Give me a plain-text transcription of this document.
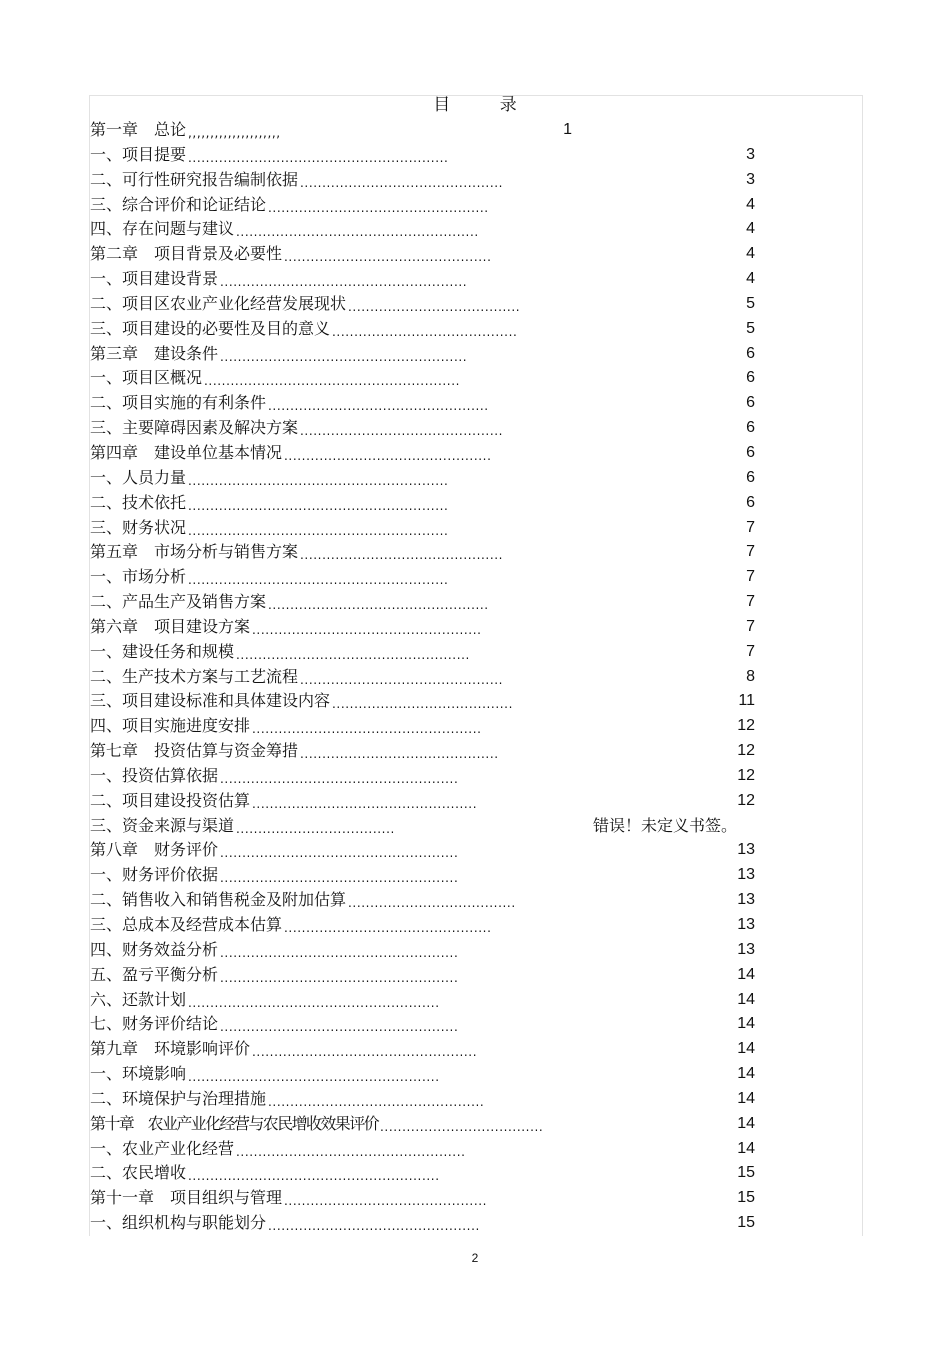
目 录
第一章　总论 ,,,,,,,,,,,,,,,,,,,,,	1
一、项目提要 ...........................................................	3
二、可行性研究报告编制依据 ..............................................	3
三、综合评价和论证结论 ..................................................	4
四、存在问题与建议 .......................................................	4
第二章　项目背景及必要性 ...............................................	4
一、项目建设背景 ........................................................	4
二、项目区农业产业化经营发展现状 .......................................	5
三、项目建设的必要性及目的意义 ..........................................	5
第三章　建设条件 ........................................................	6
一、项目区概况 ..........................................................	6
二、项目实施的有利条件 ..................................................	6
三、主要障碍因素及解决方案 ..............................................	6
第四章　建设单位基本情况 ...............................................	6
一、人员力量 ...........................................................	6
二、技术依托 ...........................................................	6
三、财务状况 ...........................................................	7
第五章　市场分析与销售方案 ..............................................	7
一、市场分析 ...........................................................	7
二、产品生产及销售方案 ..................................................	7
第六章　项目建设方案 ....................................................	7
一、建设任务和规模 .....................................................	7
二、生产技术方案与工艺流程 ..............................................	8
三、项目建设标准和具体建设内容 .........................................	11
四、项目实施进度安排 ....................................................	12
第七章　投资估算与资金筹措 .............................................	12
一、投资估算依据 ......................................................	12
二、项目建设投资估算 ...................................................	12
三、资金来源与渠道 ....................................	错误！未定义书签。
第八章　财务评价 ......................................................	13
一、财务评价依据 ......................................................	13
二、销售收入和销售税金及附加估算 ......................................	13
三、总成本及经营成本估算 ...............................................	13
四、财务效益分析 ......................................................	13
五、盈亏平衡分析 ......................................................	14
六、还款计划 .........................................................	14
七、财务评价结论 ......................................................	14
第九章　环境影响评价 ...................................................	14
一、环境影响 .........................................................	14
二、环境保护与治理措施 .................................................	14
第十章　农业产业化经营与农民增收效果评价 .....................................	14
一、农业产业化经营 ....................................................	14
二、农民增收 .........................................................	15
第十一章　项目组织与管理 ..............................................	15
一、组织机构与职能划分 ................................................	15
2
